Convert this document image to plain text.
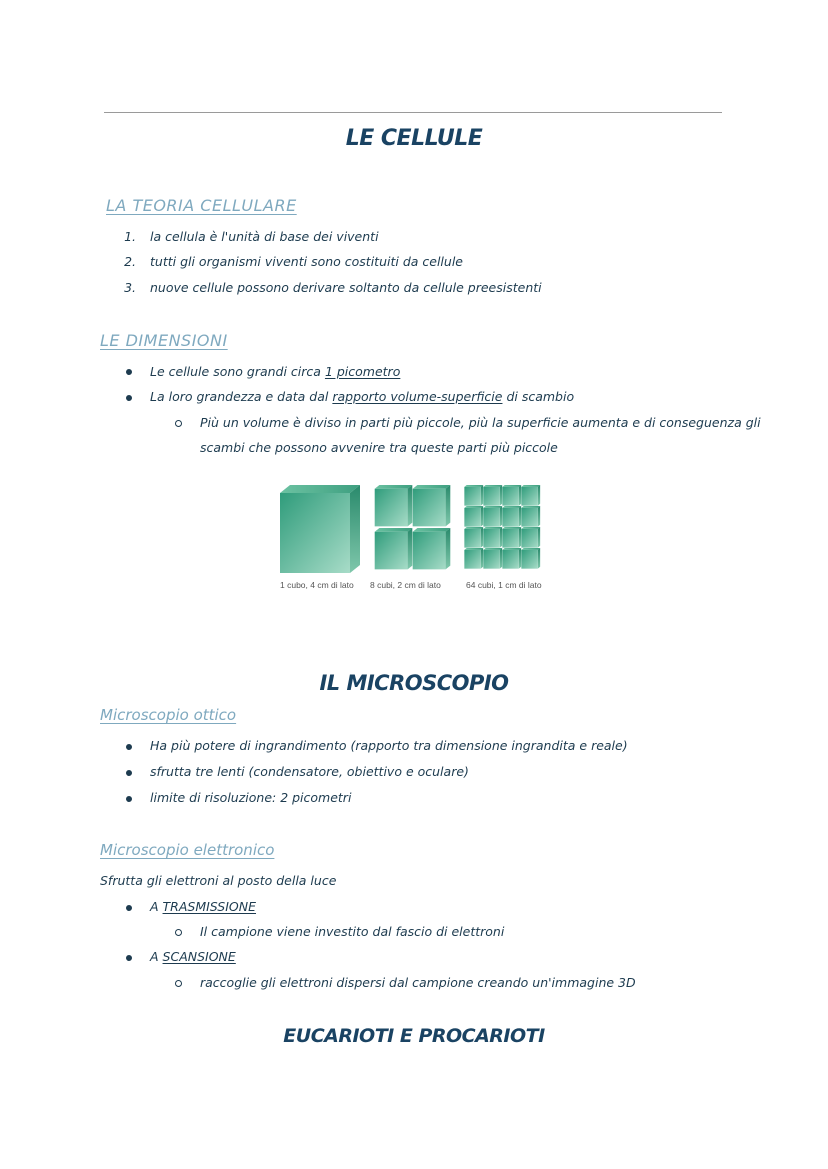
LE CELLULE
LA TEORIA CELLULARE
1. la cellula è l'unità di base dei viventi
2. tutti gli organismi viventi sono costituiti da cellule
3. nuove cellule possono derivare soltanto da cellule preesistenti
LE DIMENSIONI
Le cellule sono grandi circa 1 picometro
La loro grandezza e data dal rapporto volume-superficie di scambio
Più un volume è diviso in parti più piccole, più la superficie aumenta e di conseguenza gli
scambi che possono avvenire tra queste parti più piccole
1 cubo, 4 cm di lato 8 cubi, 2 cm di lato	64 cubi, 1 cm di lato
IL MICROSCOPIO
Microscopio ottico
Ha più potere di ingrandimento (rapporto tra dimensione ingrandita e reale)
sfrutta tre lenti (condensatore, obiettivo e oculare)
limite di risoluzione: 2 picometri
Microscopio elettronico
Sfrutta gli elettroni al posto della luce
A TRASMISSIONE
Il campione viene investito dal fascio di elettroni
A SCANSIONE
raccoglie gli elettroni dispersi dal campione creando un'immagine 3D
EUCARIOTI E PROCARIOTI
